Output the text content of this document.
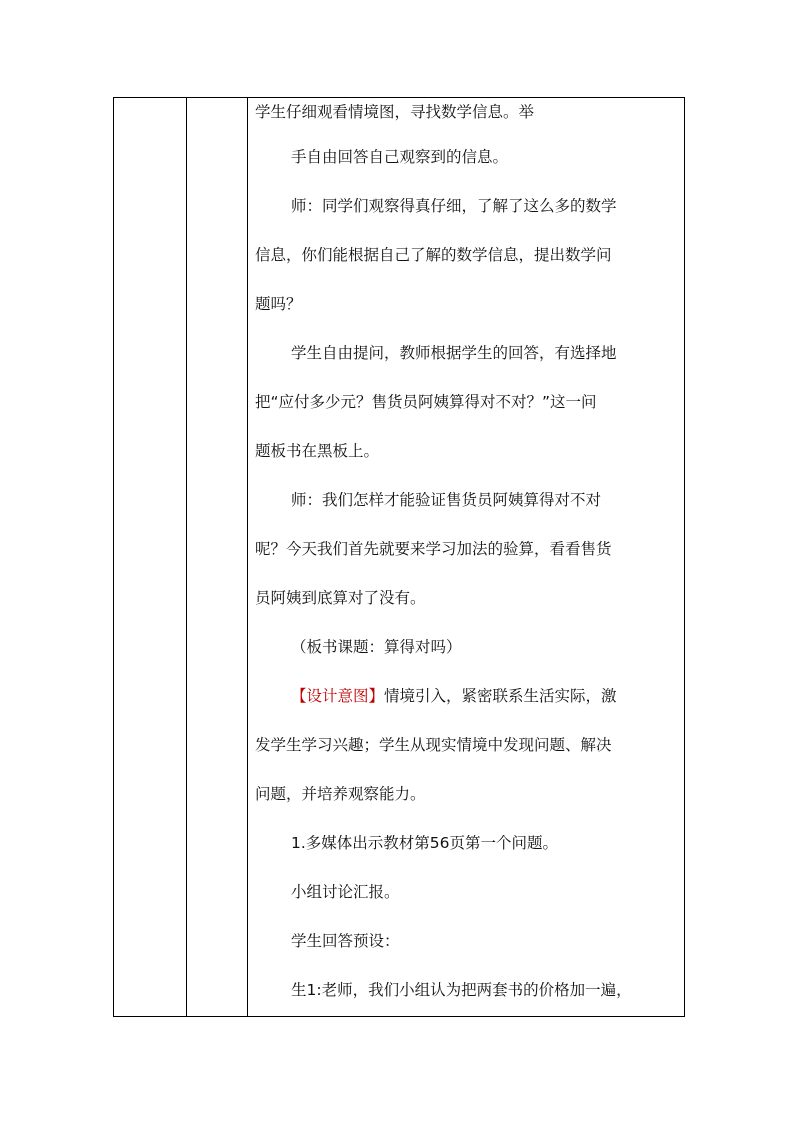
学生仔细观看情境图，寻找数学信息。举
手自由回答自己观察到的信息。
师：同学们观察得真仔细，了解了这么多的数学
信息，你们能根据自己了解的数学信息，提出数学问
题吗？
学生自由提问，教师根据学生的回答，有选择地
把“应付多少元？售货员阿姨算得对不对？”这一问
题板书在黑板上。
师：我们怎样才能验证售货员阿姨算得对不对
呢？今天我们首先就要来学习加法的验算，看看售货
员阿姨到底算对了没有。
（板书课题：算得对吗）
【设计意图】情境引入，紧密联系生活实际，激
发学生学习兴趣；学生从现实情境中发现问题、解决
问题，并培养观察能力。
1.多媒体出示教材第56页第一个问题。
小组讨论汇报。
学生回答预设：
生1:老师，我们小组认为把两套书的价格加一遍，
